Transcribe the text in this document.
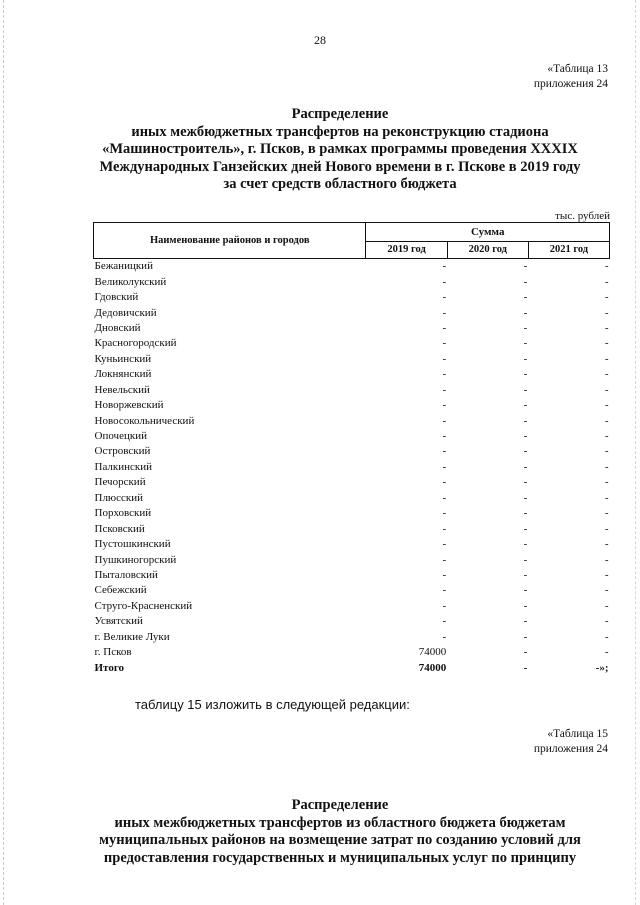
28
«Таблица 13
приложения 24
Распределение
иных межбюджетных трансфертов на реконструкцию стадиона
«Машиностроитель», г. Псков, в рамках программы проведения XXXIX
Международных Ганзейских дней Нового времени в г. Пскове в 2019 году
за счет средств областного бюджета
тыс. рублей
Наименование районов и городов	Сумма		
	2019 год	2020 год	2021 год
Бежаницкий	-	-	-
Великолукский	-	-	-
Гдовский	-	-	-
Дедовичский	-	-	-
Дновский	-	-	-
Красногородский	-	-	-
Куньинский	-	-	-
Локнянский	-	-	-
Невельский	-	-	-
Новоржевский	-	-	-
Новосокольнический	-	-	-
Опочецкий	-	-	-
Островский	-	-	-
Палкинский	-	-	-
Печорский	-	-	-
Плюсский	-	-	-
Порховский	-	-	-
Псковский	-	-	-
Пустошкинский	-	-	-
Пушкиногорский	-	-	-
Пыталовский	-	-	-
Себежский	-	-	-
Струго-Красненский	-	-	-
Усвятский	-	-	-
г. Великие Луки	-	-	-
г. Псков	74000	-	-
Итого	74000	-	-»;
таблицу 15 изложить в следующей редакции:
«Таблица 15
приложения 24
Распределение
иных межбюджетных трансфертов из областного бюджета бюджетам
муниципальных районов на возмещение затрат по созданию условий для
предоставления государственных и муниципальных услуг по принципу
